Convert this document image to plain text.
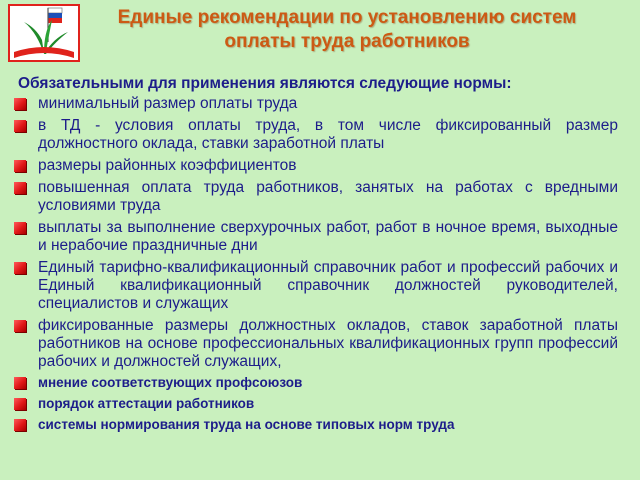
Единые рекомендации по установлению систем
оплаты труда работников
Обязательными для применения являются следующие нормы:
минимальный размер оплаты труда
в ТД - условия оплаты труда, в том числе фиксированный размер должностного оклада, ставки заработной платы
размеры районных коэффициентов
повышенная оплата труда работников, занятых на работах с вредными условиями труда
выплаты за выполнение сверхурочных работ, работ в ночное время, выходные и нерабочие праздничные дни
Единый тарифно-квалификационный справочник работ и профессий рабочих и Единый квалификационный справочник должностей руководителей, специалистов и служащих
фиксированные размеры должностных окладов, ставок заработной платы работников на основе профессиональных квалификационных групп профессий рабочих и должностей служащих,
мнение соответствующих профсоюзов
порядок аттестации работников
системы нормирования труда на основе типовых норм труда
